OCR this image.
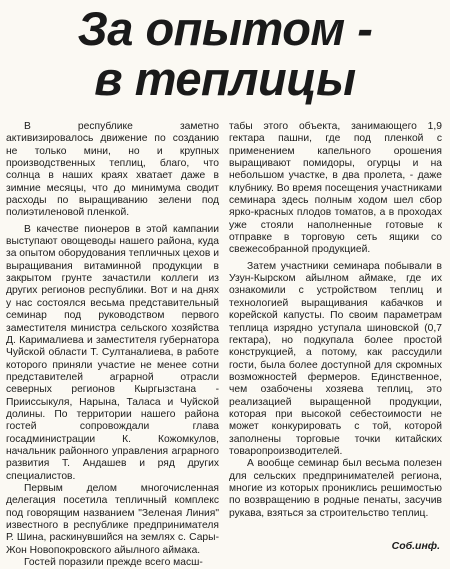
За опытом -
в теплицы

В республике заметно активизировалось движение по созданию не только мини, но и крупных производственных теплиц, благо, что солнца в наших краях хватает даже в зимние месяцы, что до минимума сводит расходы по выращиванию зелени под полиэтиленовой пленкой.

В качестве пионеров в этой кампании выступают овощеводы нашего района, куда за опытом оборудования тепличных цехов и выращивания витаминной продукции в закрытом грунте зачастили коллеги из других регионов республики. Вот и на днях у нас состоялся весьма представительный семинар под руководством первого заместителя министра сельского хозяйства Д. Карималиева и заместителя губернатора Чуйской области Т. Султаналиева, в работе которого приняли участие не менее сотни представителей аграрной отрасли северных регионов Кыргызстана - Прииссыкуля, Нарына, Таласа и Чуйской долины. По территории нашего района гостей сопровождали глава госадминистрации К. Кожомкулов, начальник районного управления аграрного развития Т. Андашев и ряд других специалистов.

Первым делом многочисленная делегация посетила тепличный комплекс под говорящим названием "Зеленая Линия" известного в республике предпринимателя Р. Шина, раскинувшийся на землях с. Сары-Жон Новопокровского айылного аймака.

Гостей поразили прежде всего масш-

табы этого объекта, занимающего 1,9 гектара пашни, где под пленкой с применением капельного орошения выращивают помидоры, огурцы и на небольшом участке, в два пролета, - даже клубнику. Во время посещения участниками семинара здесь полным ходом шел сбор ярко-красных плодов томатов, а в проходах уже стояли наполненные готовые к отправке в торговую сеть ящики со свежесобранной продукцией.

Затем участники семинара побывали в Узун-Кырском айылном аймаке, где их ознакомили с устройством теплиц и технологией выращивания кабачков и корейской капусты. По своим параметрам теплица изрядно уступала шиновской (0,7 гектара), но подкупала более простой конструкцией, а потому, как рассудили гости, была более доступной для скромных возможностей фермеров. Единственное, чем озабочены хозяева теплиц, это реализацией выращенной продукции, которая при высокой себестоимости не может конкурировать с той, которой заполнены торговые точки китайских товаропроизводителей.

А вообще семинар был весьма полезен для сельских предпринимателей региона, многие из которых прониклись решимостью по возвращению в родные пенаты, засучив рукава, взяться за строительство теплиц.

Соб.инф.
